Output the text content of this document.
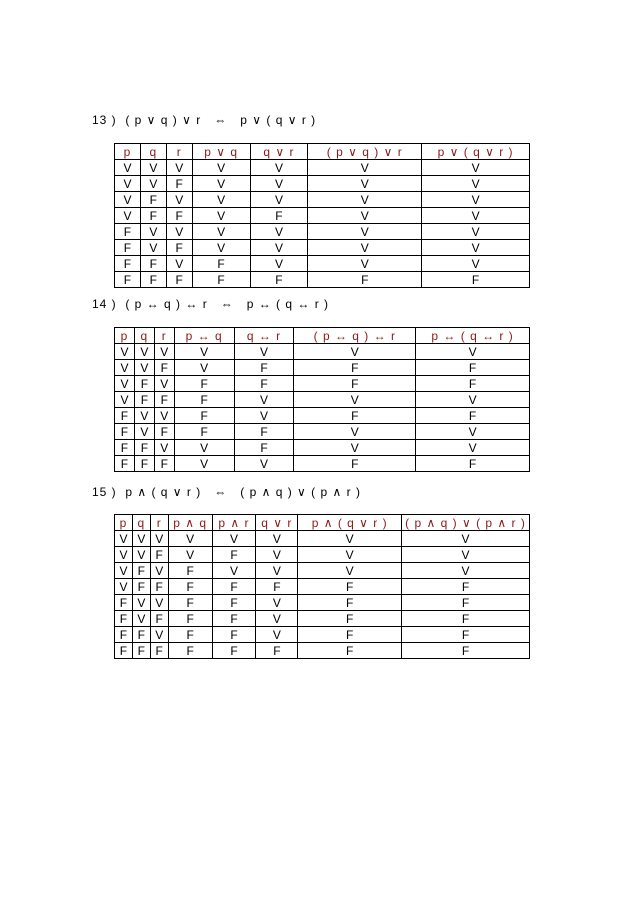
13 )  ( p ∨ q ) ∨ r   ⇔   p ∨ ( q ∨ r )
p	q	r	p ∨ q	q ∨ r	( p ∨ q ) ∨ r	p ∨ ( q ∨ r )
V	V	V	V	V	V	V
V	V	F	V	V	V	V
V	F	V	V	V	V	V
V	F	F	V	F	V	V
F	V	V	V	V	V	V
F	V	F	V	V	V	V
F	F	V	F	V	V	V
F	F	F	F	F	F	F
14 )  ( p ↔ q ) ↔ r   ⇔   p ↔ ( q ↔ r )
p	q	r	p ↔ q	q ↔ r	( p ↔ q ) ↔ r	p ↔ ( q ↔ r )
V	V	V	V	V	V	V
V	V	F	V	F	F	F
V	F	V	F	F	F	F
V	F	F	F	V	V	V
F	V	V	F	V	F	F
F	V	F	F	F	V	V
F	F	V	V	F	V	V
F	F	F	V	V	F	F
15 )  p ∧ ( q ∨ r )   ⇔   ( p ∧ q ) ∨ ( p ∧ r )
p	q	r	p ∧ q	p ∧ r	q ∨ r	p ∧ ( q ∨ r )	( p ∧ q ) ∨ ( p ∧ r )
V	V	V	V	V	V	V	V
V	V	F	V	F	V	V	V
V	F	V	F	V	V	V	V
V	F	F	F	F	F	F	F
F	V	V	F	F	V	F	F
F	V	F	F	F	V	F	F
F	F	V	F	F	V	F	F
F	F	F	F	F	F	F	F
